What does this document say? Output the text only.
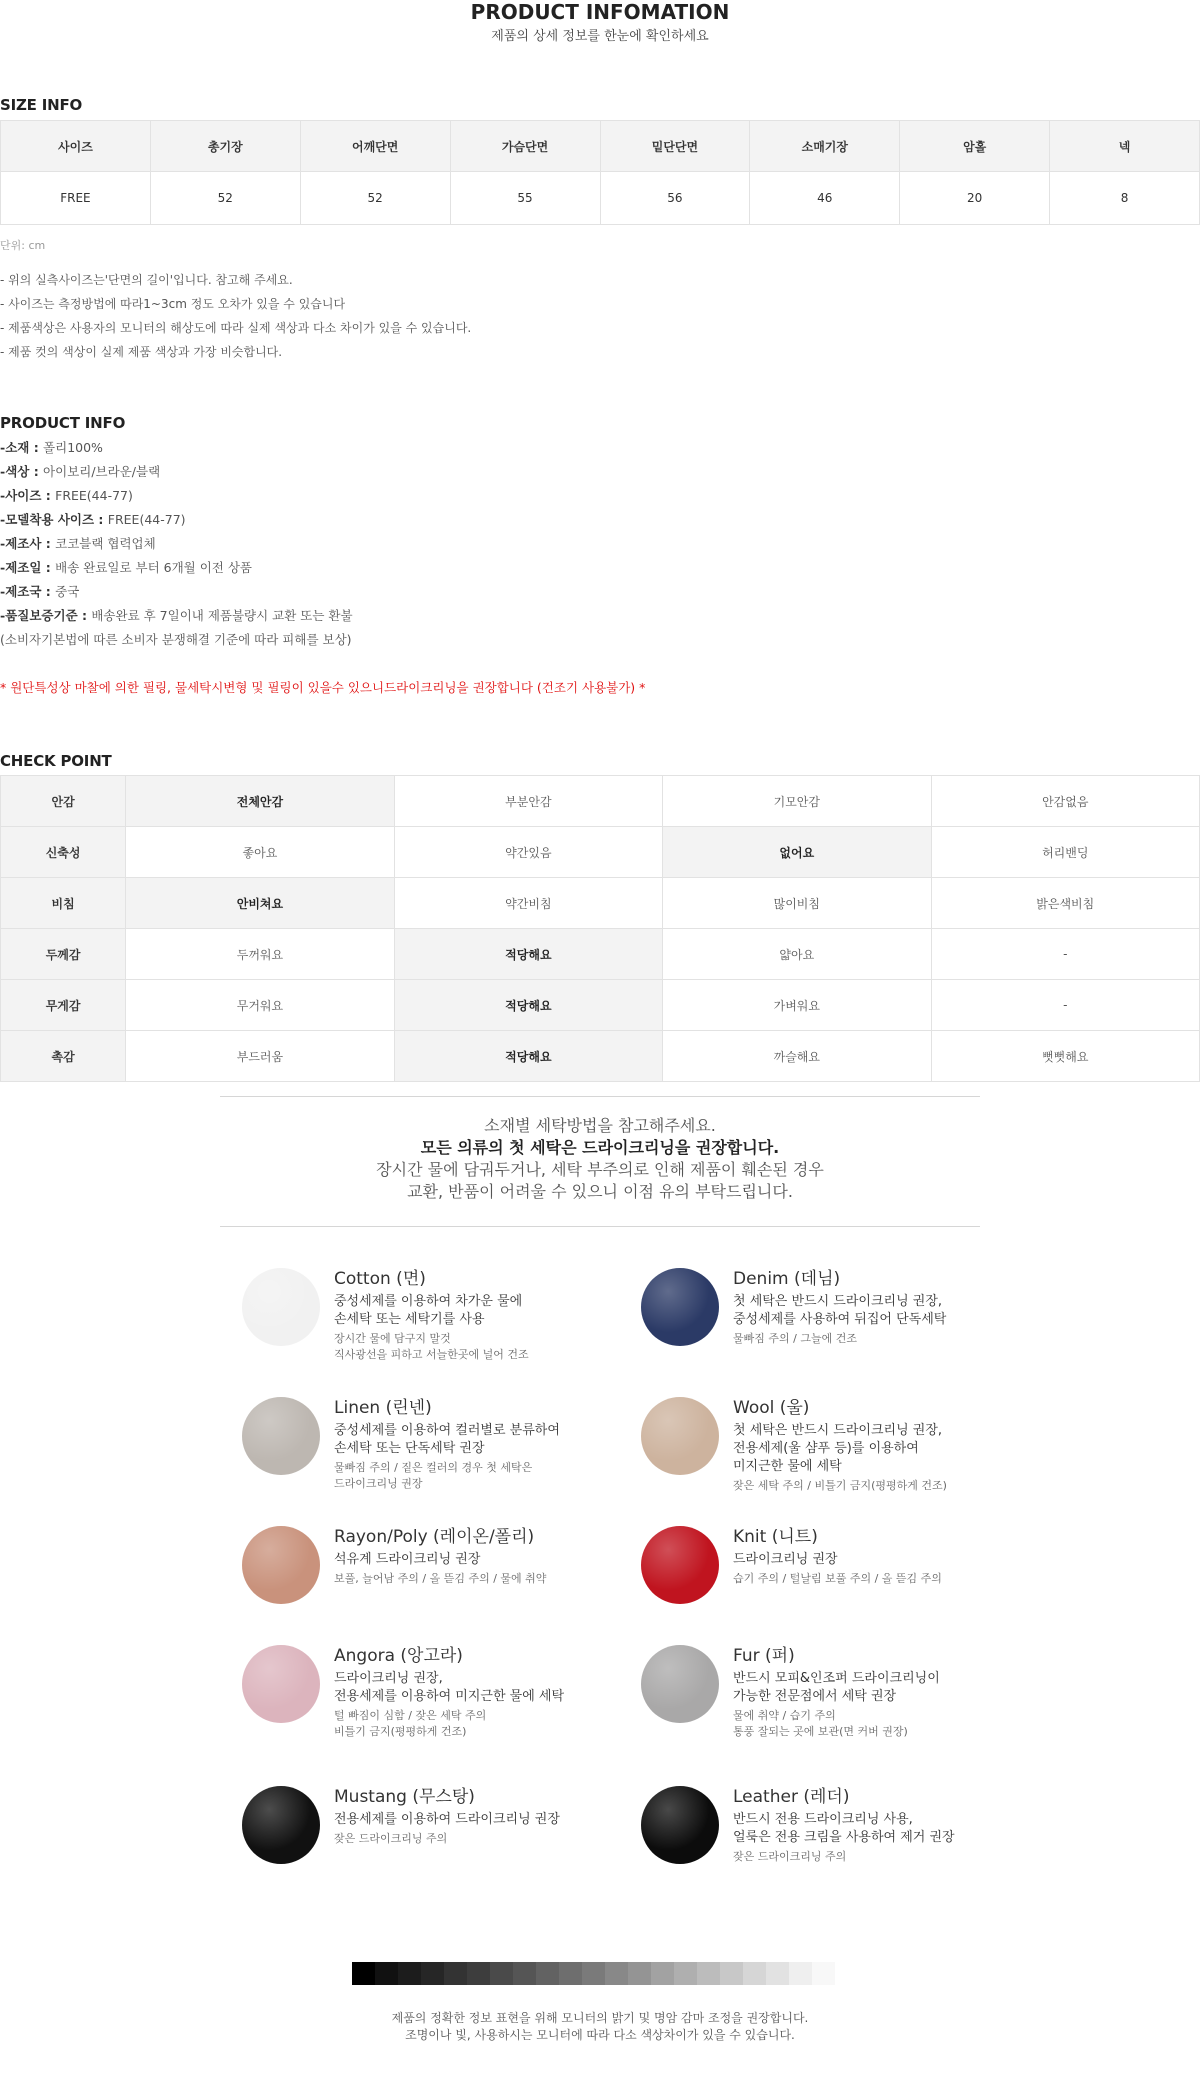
PRODUCT INFOMATION

제품의 상세 정보를 한눈에 확인하세요

SIZE INFO
사이즈	총기장	어깨단면	가슴단면	밑단단면	소매기장	암홀	넥
FREE	52	52	55	56	46	20	8
단위: cm
- 위의 실측사이즈는'단면의 길이'입니다. 참고해 주세요.
- 사이즈는 측정방법에 따라1~3cm 정도 오차가 있을 수 있습니다
- 제품색상은 사용자의 모니터의 해상도에 따라 실제 색상과 다소 차이가 있을 수 있습니다.
- 제품 컷의 색상이 실제 제품 색상과 가장 비슷합니다.
PRODUCT INFO
-소재 : 폴리100%
-색상 : 아이보리/브라운/블랙
-사이즈 : FREE(44-77)
-모델착용 사이즈 : FREE(44-77)
-제조사 : 코코블랙 협력업체
-제조일 : 배송 완료일로 부터 6개월 이전 상품
-제조국 : 중국
-품질보증기준 : 배송완료 후 7일이내 제품불량시 교환 또는 환불
(소비자기본법에 따른 소비자 분쟁해결 기준에 따라 피해를 보상)
* 원단특성상 마찰에 의한 필링, 물세탁시변형 및 필링이 있을수 있으니드라이크리닝을 권장합니다 (건조기 사용불가) *
CHECK POINT
안감	전체안감	부분안감	기모안감	안감없음
신축성	좋아요	약간있음	없어요	허리밴딩
비침	안비쳐요	약간비침	많이비침	밝은색비침
두께감	두꺼워요	적당해요	얇아요	-
무게감	무거워요	적당해요	가벼워요	-
촉감	부드러움	적당해요	까슬해요	뻣뻣해요
소재별 세탁방법을 참고해주세요.
모든 의류의 첫 세탁은 드라이크리닝을 권장합니다.
장시간 물에 담궈두거나, 세탁 부주의로 인해 제품이 훼손된 경우
교환, 반품이 어려울 수 있으니 이점 유의 부탁드립니다.
Cotton (면)
중성세제를 이용하여 차가운 물에
손세탁 또는 세탁기를 사용
장시간 물에 담구지 말것
직사광선을 피하고 서늘한곳에 널어 건조
Denim (데님)
첫 세탁은 반드시 드라이크리닝 권장,
중성세제를 사용하여 뒤집어 단독세탁
물빠짐 주의 / 그늘에 건조
Linen (린넨)
중성세제를 이용하여 컬러별로 분류하여
손세탁 또는 단독세탁 권장
물빠짐 주의 / 짙은 컬러의 경우 첫 세탁은
드라이크리닝 권장
Wool (울)
첫 세탁은 반드시 드라이크리닝 권장,
전용세제(울 샴푸 등)를 이용하여
미지근한 물에 세탁
잦은 세탁 주의 / 비틀기 금지(평평하게 건조)
Rayon/Poly (레이온/폴리)
석유계 드라이크리닝 권장
보풀, 늘어남 주의 / 올 뜯김 주의 / 물에 취약
Knit (니트)
드라이크리닝 권장
습기 주의 / 털날림 보풀 주의 / 올 뜯김 주의
Angora (앙고라)
드라이크리닝 권장,
전용세제를 이용하여 미지근한 물에 세탁
털 빠짐이 심함 / 잦은 세탁 주의
비틀기 금지(평평하게 건조)
Fur (퍼)
반드시 모피&인조퍼 드라이크리닝이
가능한 전문점에서 세탁 권장
물에 취약 / 습기 주의
통풍 잘되는 곳에 보관(면 커버 권장)
Mustang (무스탕)
전용세제를 이용하여 드라이크리닝 권장
잦은 드라이크리닝 주의
Leather (레더)
반드시 전용 드라이크리닝 사용,
얼룩은 전용 크림을 사용하여 제거 권장
잦은 드라이크리닝 주의
제품의 정확한 정보 표현을 위해 모니터의 밝기 및 명암 감마 조정을 권장합니다.
조명이나 빛, 사용하시는 모니터에 따라 다소 색상차이가 있을 수 있습니다.
